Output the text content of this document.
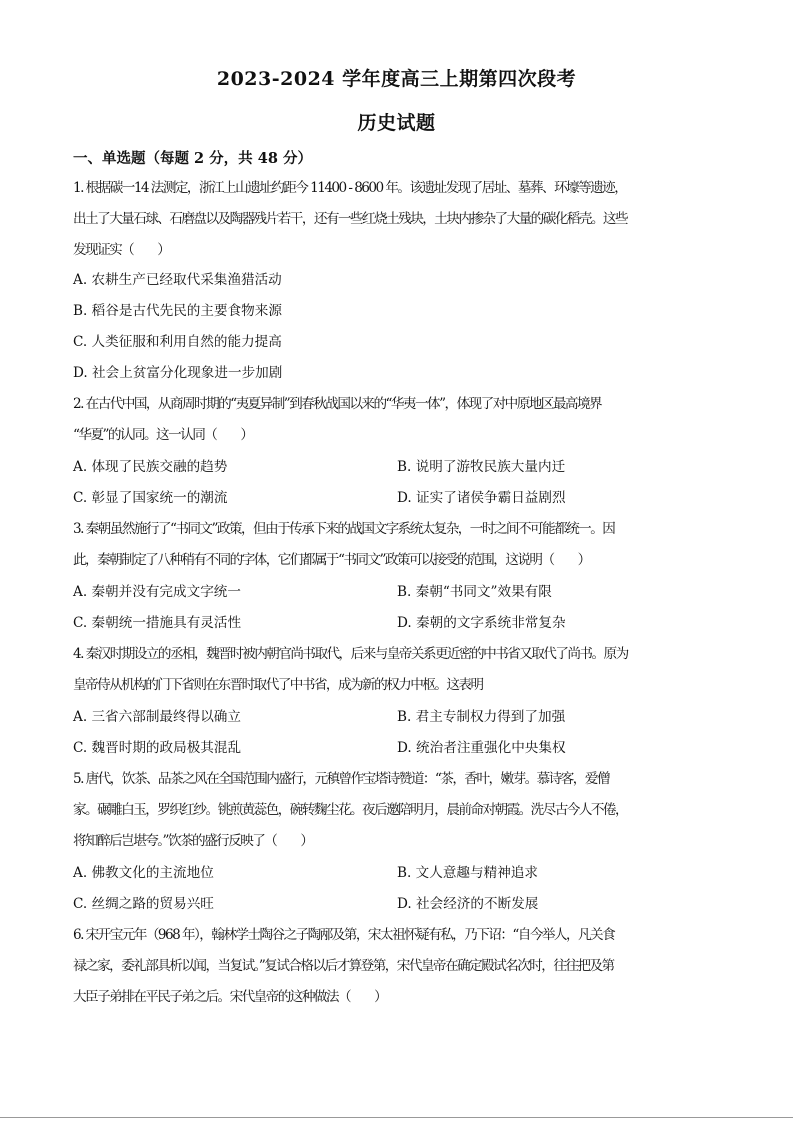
2023-2024 学年度高三上期第四次段考
历史试题
一、单选题（每题 2 分，共 48 分）
1. 根据碳一14 法测定，浙江上山遗址约距今 11400 - 8600 年。该遗址发现了居址、墓葬、环壕等遗迹，
出土了大量石球、石磨盘以及陶器残片若干，还有一些红烧土残块，土块内掺杂了大量的碳化稻壳。这些
发现证实（　　）
A. 农耕生产已经取代采集渔猎活动
B. 稻谷是古代先民的主要食物来源
C. 人类征服和利用自然的能力提高
D. 社会上贫富分化现象进一步加剧
2. 在古代中国，从商周时期的“夷夏异制”到春秋战国以来的“华夷一体”，体现了对中原地区最高境界
“华夏”的认同。这一认同（　　）
A. 体现了民族交融的趋势	B. 说明了游牧民族大量内迁
C. 彰显了国家统一的潮流	D. 证实了诸侯争霸日益剧烈
3. 秦朝虽然施行了“书同文”政策，但由于传承下来的战国文字系统太复杂，一时之间不可能都统一。因
此，秦朝制定了八种稍有不同的字体，它们都属于“书同文”政策可以接受的范围，这说明（　　）
A. 秦朝并没有完成文字统一	B. 秦朝“书同文”效果有限
C. 秦朝统一措施具有灵活性	D. 秦朝的文字系统非常复杂
4. 秦汉时期设立的丞相，魏晋时被内朝官尚书取代，后来与皇帝关系更近密的中书省又取代了尚书。原为
皇帝侍从机构的门下省则在东晋时取代了中书省，成为新的权力中枢。这表明
A. 三省六部制最终得以确立	B. 君主专制权力得到了加强
C. 魏晋时期的政局极其混乱	D. 统治者注重强化中央集权
5. 唐代，饮茶、品茶之风在全国范围内盛行，元稹曾作宝塔诗赞道：“茶，香叶，嫩芽。慕诗客，爱僧
家。碾雕白玉，罗织红纱。铫煎黄蕊色，碗转麴尘花。夜后邀陪明月，晨前命对朝霞。洗尽古今人不倦，
将知醉后岂堪夸。”饮茶的盛行反映了（　　）
A. 佛教文化的主流地位	B. 文人意趣与精神追求
C. 丝绸之路的贸易兴旺	D. 社会经济的不断发展
6. 宋开宝元年（968 年），翰林学士陶谷之子陶邴及第，宋太祖怀疑有私，乃下诏：“自今举人，凡关食
禄之家，委礼部具析以闻，当复试。”复试合格以后才算登第，宋代皇帝在确定殿试名次时，往往把及第
大臣子弟排在平民子弟之后。宋代皇帝的这种做法（　　）
